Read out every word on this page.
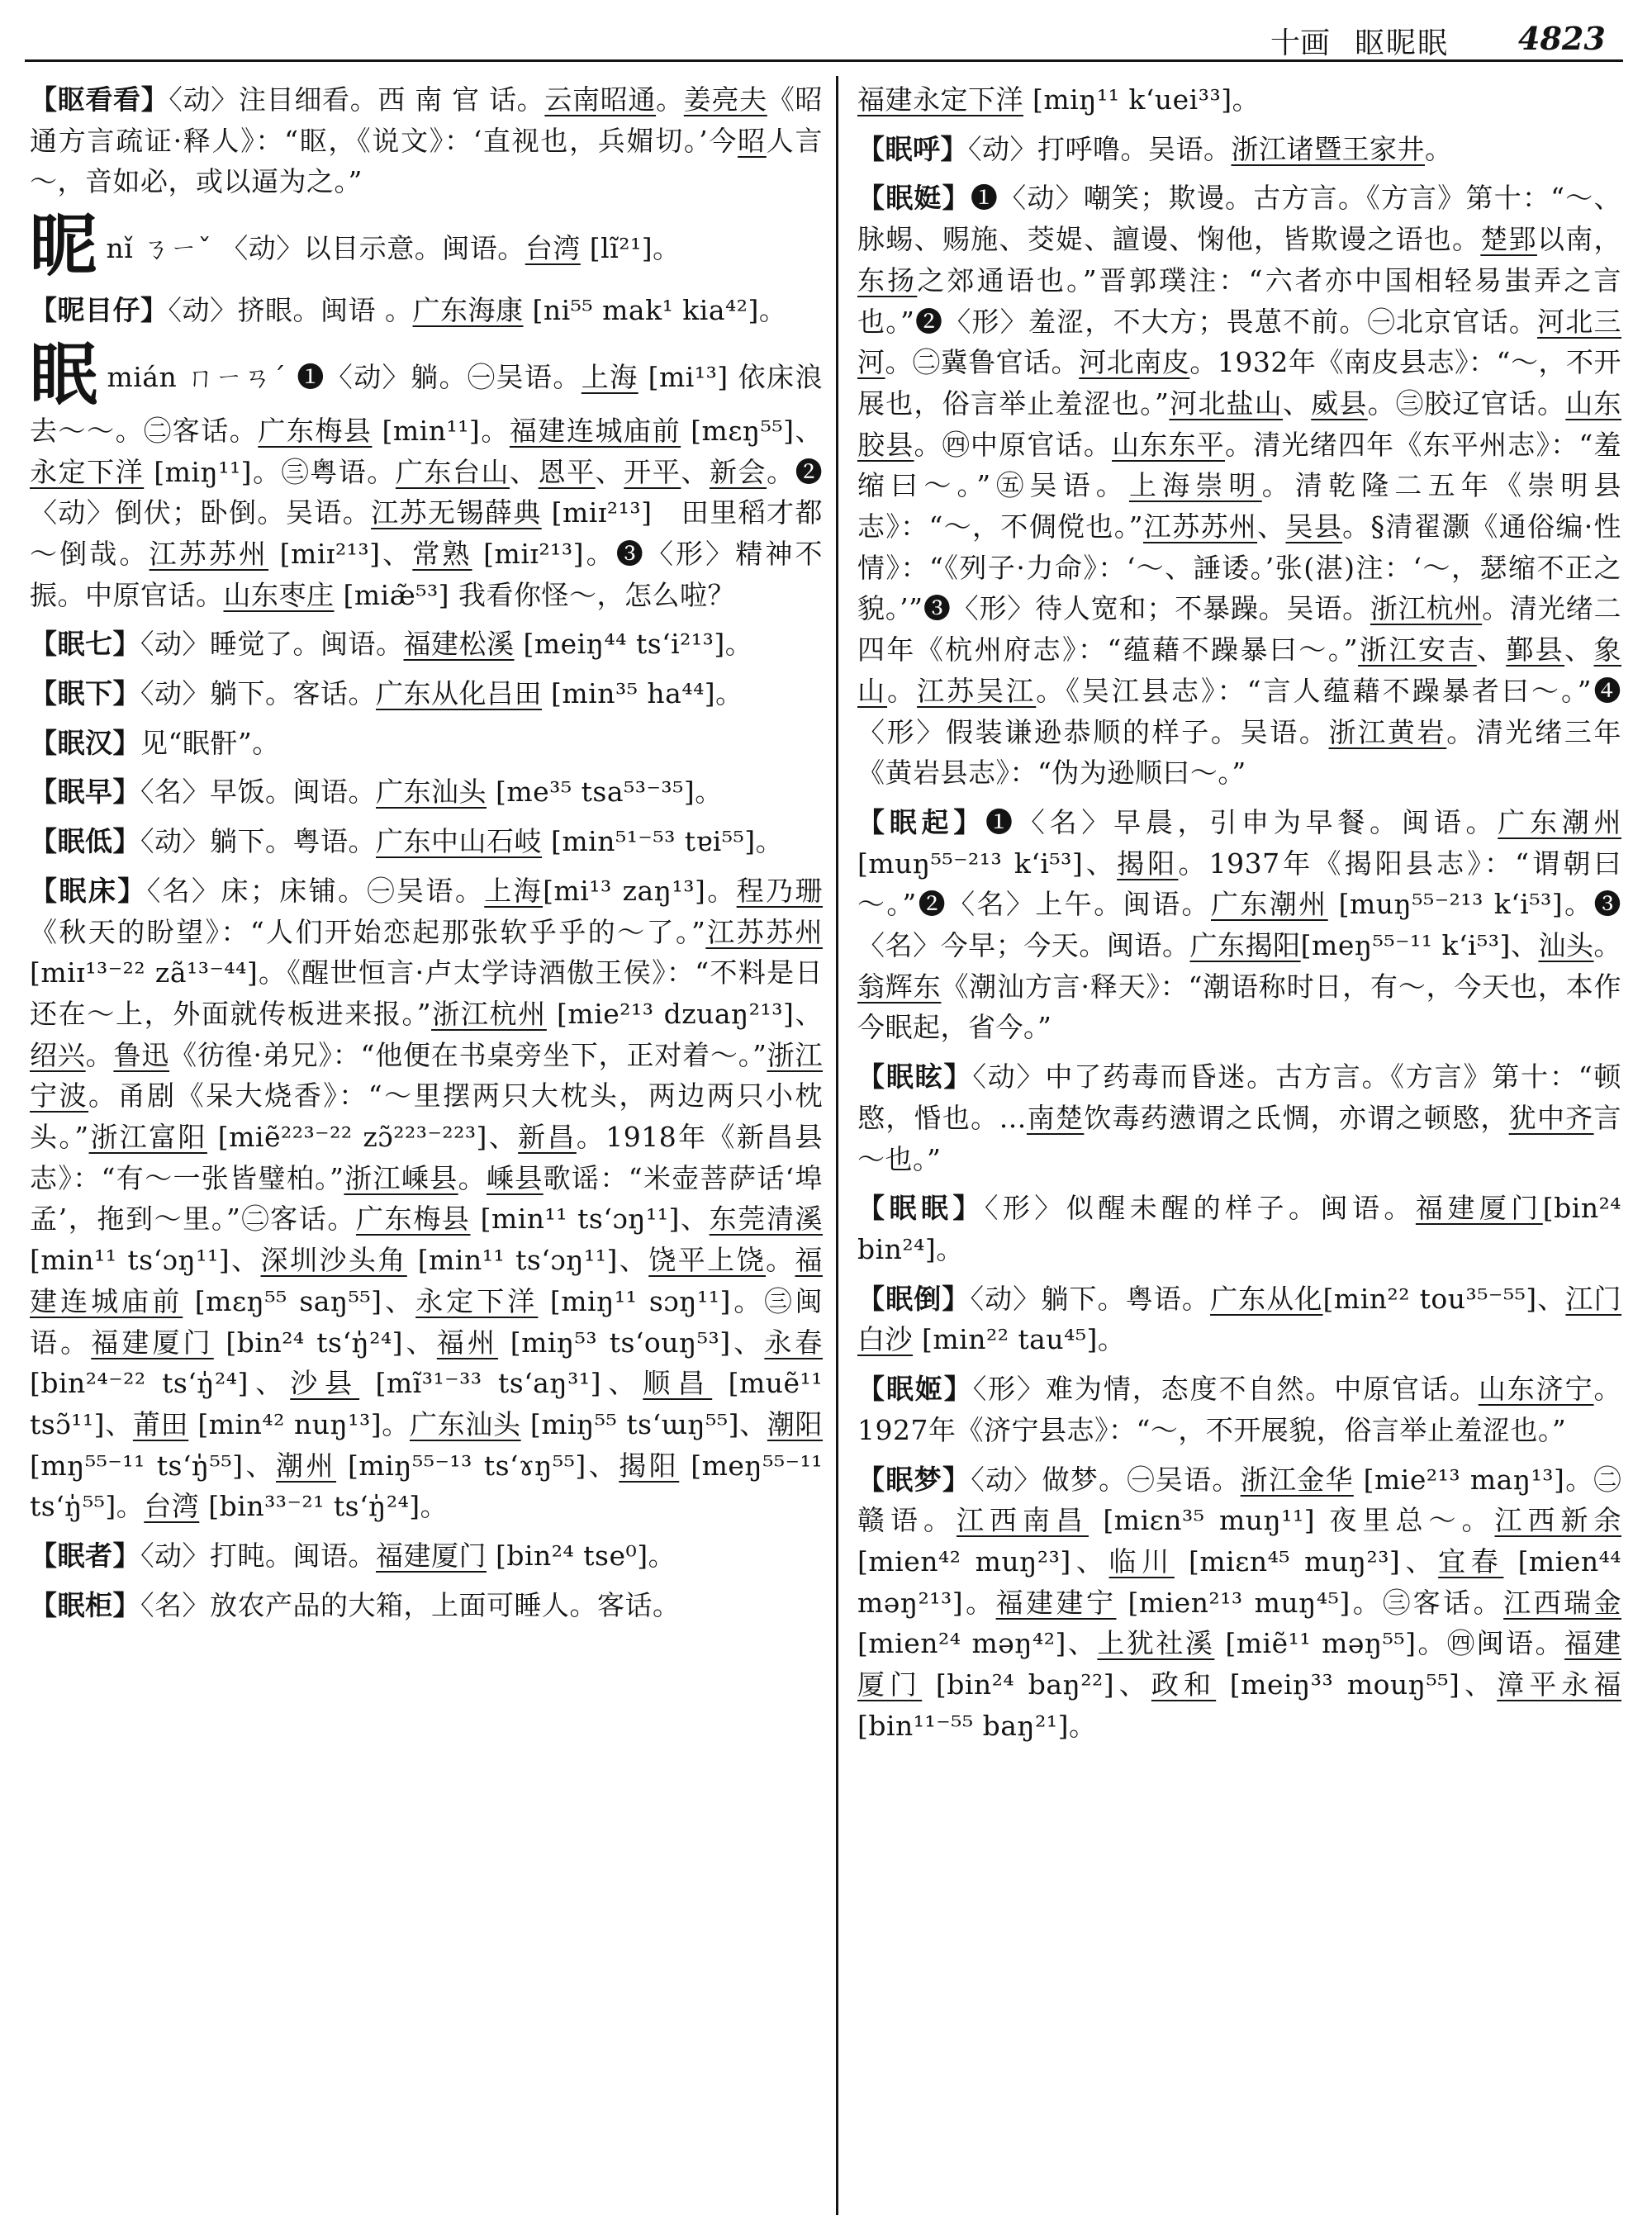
十画 眍昵眠 4823
【眍看看】〈动〉注目细看。西 南 官 话。云南昭通。姜亮夫《昭通方言疏证·释人》：“眍，《说文》：‘直视也，兵媚切。’今昭人言～，音如必，或以逼为之。”
昵nǐ ㄋㄧˇ 〈动〉以目示意。闽语。台湾 [lĩ²¹]。
【昵目仔】〈动〉挤眼。闽语 。广东海康 [ni⁵⁵ mak¹ kia⁴²]。
眠mián ㄇㄧㄢˊ ❶〈动〉躺。㊀吴语。上海 [mi¹³] 依床浪去～～。㊁客话。广东梅县 [min¹¹]。福建连城庙前 [mɛŋ⁵⁵]、永定下洋 [miŋ¹¹]。㊂粤语。广东台山、恩平、开平、新会。❷〈动〉倒伏；卧倒。吴语。江苏无锡薛典 [miɪ²¹³]　田里稻才都～倒哉。江苏苏州 [miɪ²¹³]、常熟 [miɪ²¹³]。❸〈形〉精神不振。中原官话。山东枣庄 [miæ̃⁵³] 我看你怪～，怎么啦？
【眠七】〈动〉睡觉了。闽语。福建松溪 [meiŋ⁴⁴ ts‘i²¹³]。
【眠下】〈动〉躺下。客话。广东从化吕田 [min³⁵ ha⁴⁴]。
【眠汉】见“眠骭”。
【眠早】〈名〉早饭。闽语。广东汕头 [me³⁵ tsa⁵³⁻³⁵]。
【眠低】〈动〉躺下。粤语。广东中山石岐 [min⁵¹⁻⁵³ tɐi⁵⁵]。
【眠床】〈名〉床；床铺。㊀吴语。上海[mi¹³ zaŋ¹³]。程乃珊《秋天的盼望》：“人们开始恋起那张软乎乎的～了。”江苏苏州 [miɪ¹³⁻²² zã¹³⁻⁴⁴]。《醒世恒言·卢太学诗酒傲王侯》：“不料是日还在～上，外面就传板进来报。”浙江杭州 [mie²¹³ dzuaŋ²¹³]、绍兴。鲁迅《彷徨·弟兄》：“他便在书桌旁坐下，正对着～。”浙江宁波。甬剧《呆大烧香》：“～里摆两只大枕头，两边两只小枕头。”浙江富阳 [miẽ²²³⁻²² zɔ̃²²³⁻²²³]、新昌。1918年《新昌县志》：“有～一张皆璧柏。”浙江嵊县。嵊县歌谣：“米壶菩萨话‘埠孟’，拖到～里。”㊁客话。广东梅县 [min¹¹ ts‘ɔŋ¹¹]、东莞清溪 [min¹¹ ts‘ɔŋ¹¹]、深圳沙头角 [min¹¹ ts‘ɔŋ¹¹]、饶平上饶。福建连城庙前 [mɛŋ⁵⁵ saŋ⁵⁵]、永定下洋 [miŋ¹¹ sɔŋ¹¹]。㊂闽语。福建厦门 [bin²⁴ ts‘ŋ̍²⁴]、福州 [miŋ⁵³ ts‘ouŋ⁵³]、永春 [bin²⁴⁻²² ts‘ŋ̍²⁴]、沙县 [mĩ³¹⁻³³ ts‘aŋ³¹]、顺昌 [muẽ¹¹ tsɔ̃¹¹]、莆田 [min⁴² nuŋ¹³]。广东汕头 [miŋ⁵⁵ ts‘ɯŋ⁵⁵]、潮阳 [mŋ⁵⁵⁻¹¹ ts‘ŋ̍⁵⁵]、潮州 [miŋ⁵⁵⁻¹³ ts‘ɤŋ⁵⁵]、揭阳 [meŋ⁵⁵⁻¹¹ ts‘ŋ̍⁵⁵]。台湾 [bin³³⁻²¹ ts‘ŋ̍²⁴]。
【眠者】〈动〉打盹。闽语。福建厦门 [bin²⁴ tse⁰]。
【眠柜】〈名〉放农产品的大箱，上面可睡人。客话。
福建永定下洋 [miŋ¹¹ k‘uei³³]。
【眠呼】〈动〉打呼噜。吴语。浙江诸暨王家井。
【眠娗】❶〈动〉嘲笑；欺谩。古方言。《方言》第十：“～、脉蜴、赐施、茭媞、譠谩、㥌他，皆欺谩之语也。楚郢以南，东扬之郊通语也。”晋郭璞注：“六者亦中国相轻易蚩弄之言也。”❷〈形〉羞涩，不大方；畏葸不前。㊀北京官话。河北三河。㊁冀鲁官话。河北南皮。1932年《南皮县志》：“～，不开展也，俗言举止羞涩也。”河北盐山、威县。㊂胶辽官话。山东胶县。㊃中原官话。山东东平。清光绪四年《东平州志》：“羞缩曰～。”㊄吴语。上海崇明。清乾隆二五年《崇明县志》：“～，不倜傥也。”江苏苏州、吴县。§清翟灏《通俗编·性情》：“《列子·力命》：‘～、諈诿。’张(湛)注：‘～，瑟缩不正之貌。’”❸〈形〉待人宽和；不暴躁。吴语。浙江杭州。清光绪二四年《杭州府志》：“蕴藉不躁暴曰～。”浙江安吉、鄞县、象山。江苏吴江。《吴江县志》：“言人蕴藉不躁暴者曰～。”❹〈形〉假装谦逊恭顺的样子。吴语。浙江黄岩。清光绪三年《黄岩县志》：“伪为逊顺曰～。”
【眠起】❶〈名〉早晨，引申为早餐。闽语。广东潮州 [muŋ⁵⁵⁻²¹³ k‘i⁵³]、揭阳。1937年《揭阳县志》：“谓朝曰～。”❷〈名〉上午。闽语。广东潮州 [muŋ⁵⁵⁻²¹³ k‘i⁵³]。❸〈名〉今早；今天。闽语。广东揭阳[meŋ⁵⁵⁻¹¹ k‘i⁵³]、汕头。翁辉东《潮汕方言·释天》：“潮语称时日，有～，今天也，本作今眠起，省今。”
【眠眩】〈动〉中了药毒而昏迷。古方言。《方言》第十：“顿愍，惛也。…南楚饮毒药懑谓之氐惆，亦谓之顿愍，犹中齐言～也。”
【眠眠】〈形〉似醒未醒的样子。闽语。福建厦门[bin²⁴ bin²⁴]。
【眠倒】〈动〉躺下。粤语。广东从化[min²² tou³⁵⁻⁵⁵]、江门白沙 [min²² tau⁴⁵]。
【眠姬】〈形〉难为情，态度不自然。中原官话。山东济宁。1927年《济宁县志》：“～，不开展貌，俗言举止羞涩也。”
【眠梦】〈动〉做梦。㊀吴语。浙江金华 [mie²¹³ maŋ¹³]。㊁赣语。江西南昌 [miɛn³⁵ muŋ¹¹] 夜里总～。江西新余[mien⁴² muŋ²³]、临川 [miɛn⁴⁵ muŋ²³]、宜春 [mien⁴⁴ məŋ²¹³]。福建建宁 [mien²¹³ muŋ⁴⁵]。㊂客话。江西瑞金 [mien²⁴ məŋ⁴²]、上犹社溪 [miẽ¹¹ məŋ⁵⁵]。㊃闽语。福建厦门 [bin²⁴ baŋ²²]、政和 [meiŋ³³ mouŋ⁵⁵]、漳平永福 [bin¹¹⁻⁵⁵ baŋ²¹]。
